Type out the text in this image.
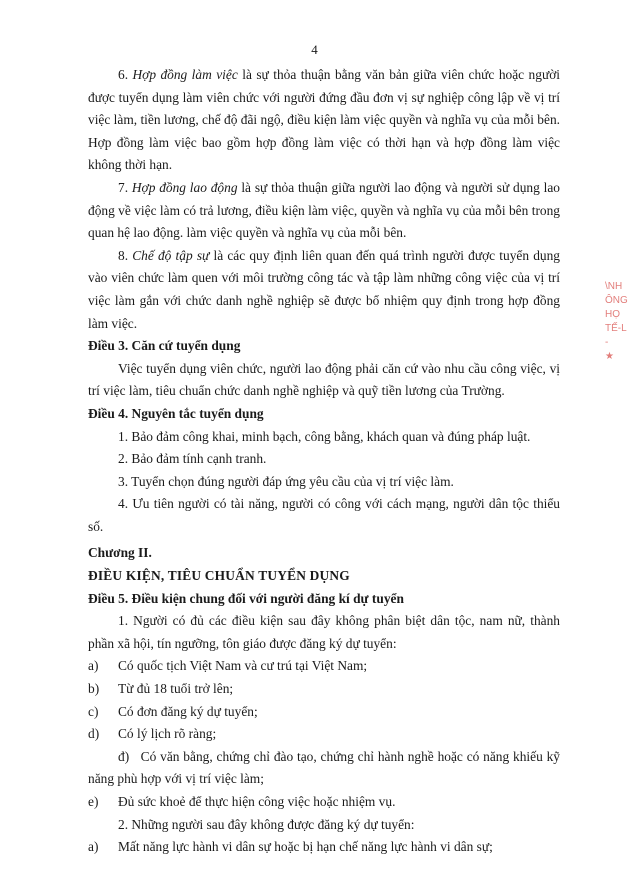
4

6. Hợp đồng làm việc là sự thỏa thuận bằng văn bản giữa viên chức hoặc người được tuyển dụng làm viên chức với người đứng đầu đơn vị sự nghiệp công lập về vị trí việc làm, tiền lương, chế độ đãi ngộ, điều kiện làm việc quyền và nghĩa vụ của mỗi bên. Hợp đồng làm việc bao gồm hợp đồng làm việc có thời hạn và hợp đồng làm việc không thời hạn.

7. Hợp đồng lao động là sự thỏa thuận giữa người lao động và người sử dụng lao động về việc làm có trả lương, điều kiện làm việc, quyền và nghĩa vụ của mỗi bên trong quan hệ lao động. làm việc quyền và nghĩa vụ của mỗi bên.

8. Chế độ tập sự là các quy định liên quan đến quá trình người được tuyển dụng vào viên chức làm quen với môi trường công tác và tập làm những công việc của vị trí việc làm gắn với chức danh nghề nghiệp sẽ được bổ nhiệm quy định trong hợp đồng làm việc.

Điều 3. Căn cứ tuyển dụng

Việc tuyển dụng viên chức, người lao động phải căn cứ vào nhu cầu công việc, vị trí việc làm, tiêu chuẩn chức danh nghề nghiệp và quỹ tiền lương của Trường.

Điều 4. Nguyên tắc tuyển dụng

1. Bảo đảm công khai, minh bạch, công bằng, khách quan và đúng pháp luật.

2. Bảo đảm tính cạnh tranh.

3. Tuyển chọn đúng người đáp ứng yêu cầu của vị trí việc làm.

4. Ưu tiên người có tài năng, người có công với cách mạng, người dân tộc thiểu số.

Chương II.

ĐIỀU KIỆN, TIÊU CHUẨN TUYỂN DỤNG

Điều 5. Điều kiện chung đối với người đăng kí dự tuyển

1. Người có đủ các điều kiện sau đây không phân biệt dân tộc, nam nữ, thành phần xã hội, tín ngưỡng, tôn giáo được đăng ký dự tuyển:

a)	Có quốc tịch Việt Nam và cư trú tại Việt Nam;
b)	Từ đủ 18 tuổi trở lên;
c)	Có đơn đăng ký dự tuyển;
d)	Có lý lịch rõ ràng;

đ) Có văn bằng, chứng chỉ đào tạo, chứng chỉ hành nghề hoặc có năng khiếu kỹ năng phù hợp với vị trí việc làm;

e)	Đủ sức khoẻ để thực hiện công việc hoặc nhiệm vụ.

2. Những người sau đây không được đăng ký dự tuyển:

a)	Mất năng lực hành vi dân sự hoặc bị hạn chế năng lực hành vi dân sự;
\NH
ÔNG
HỌ
TẾ-L
-
★
